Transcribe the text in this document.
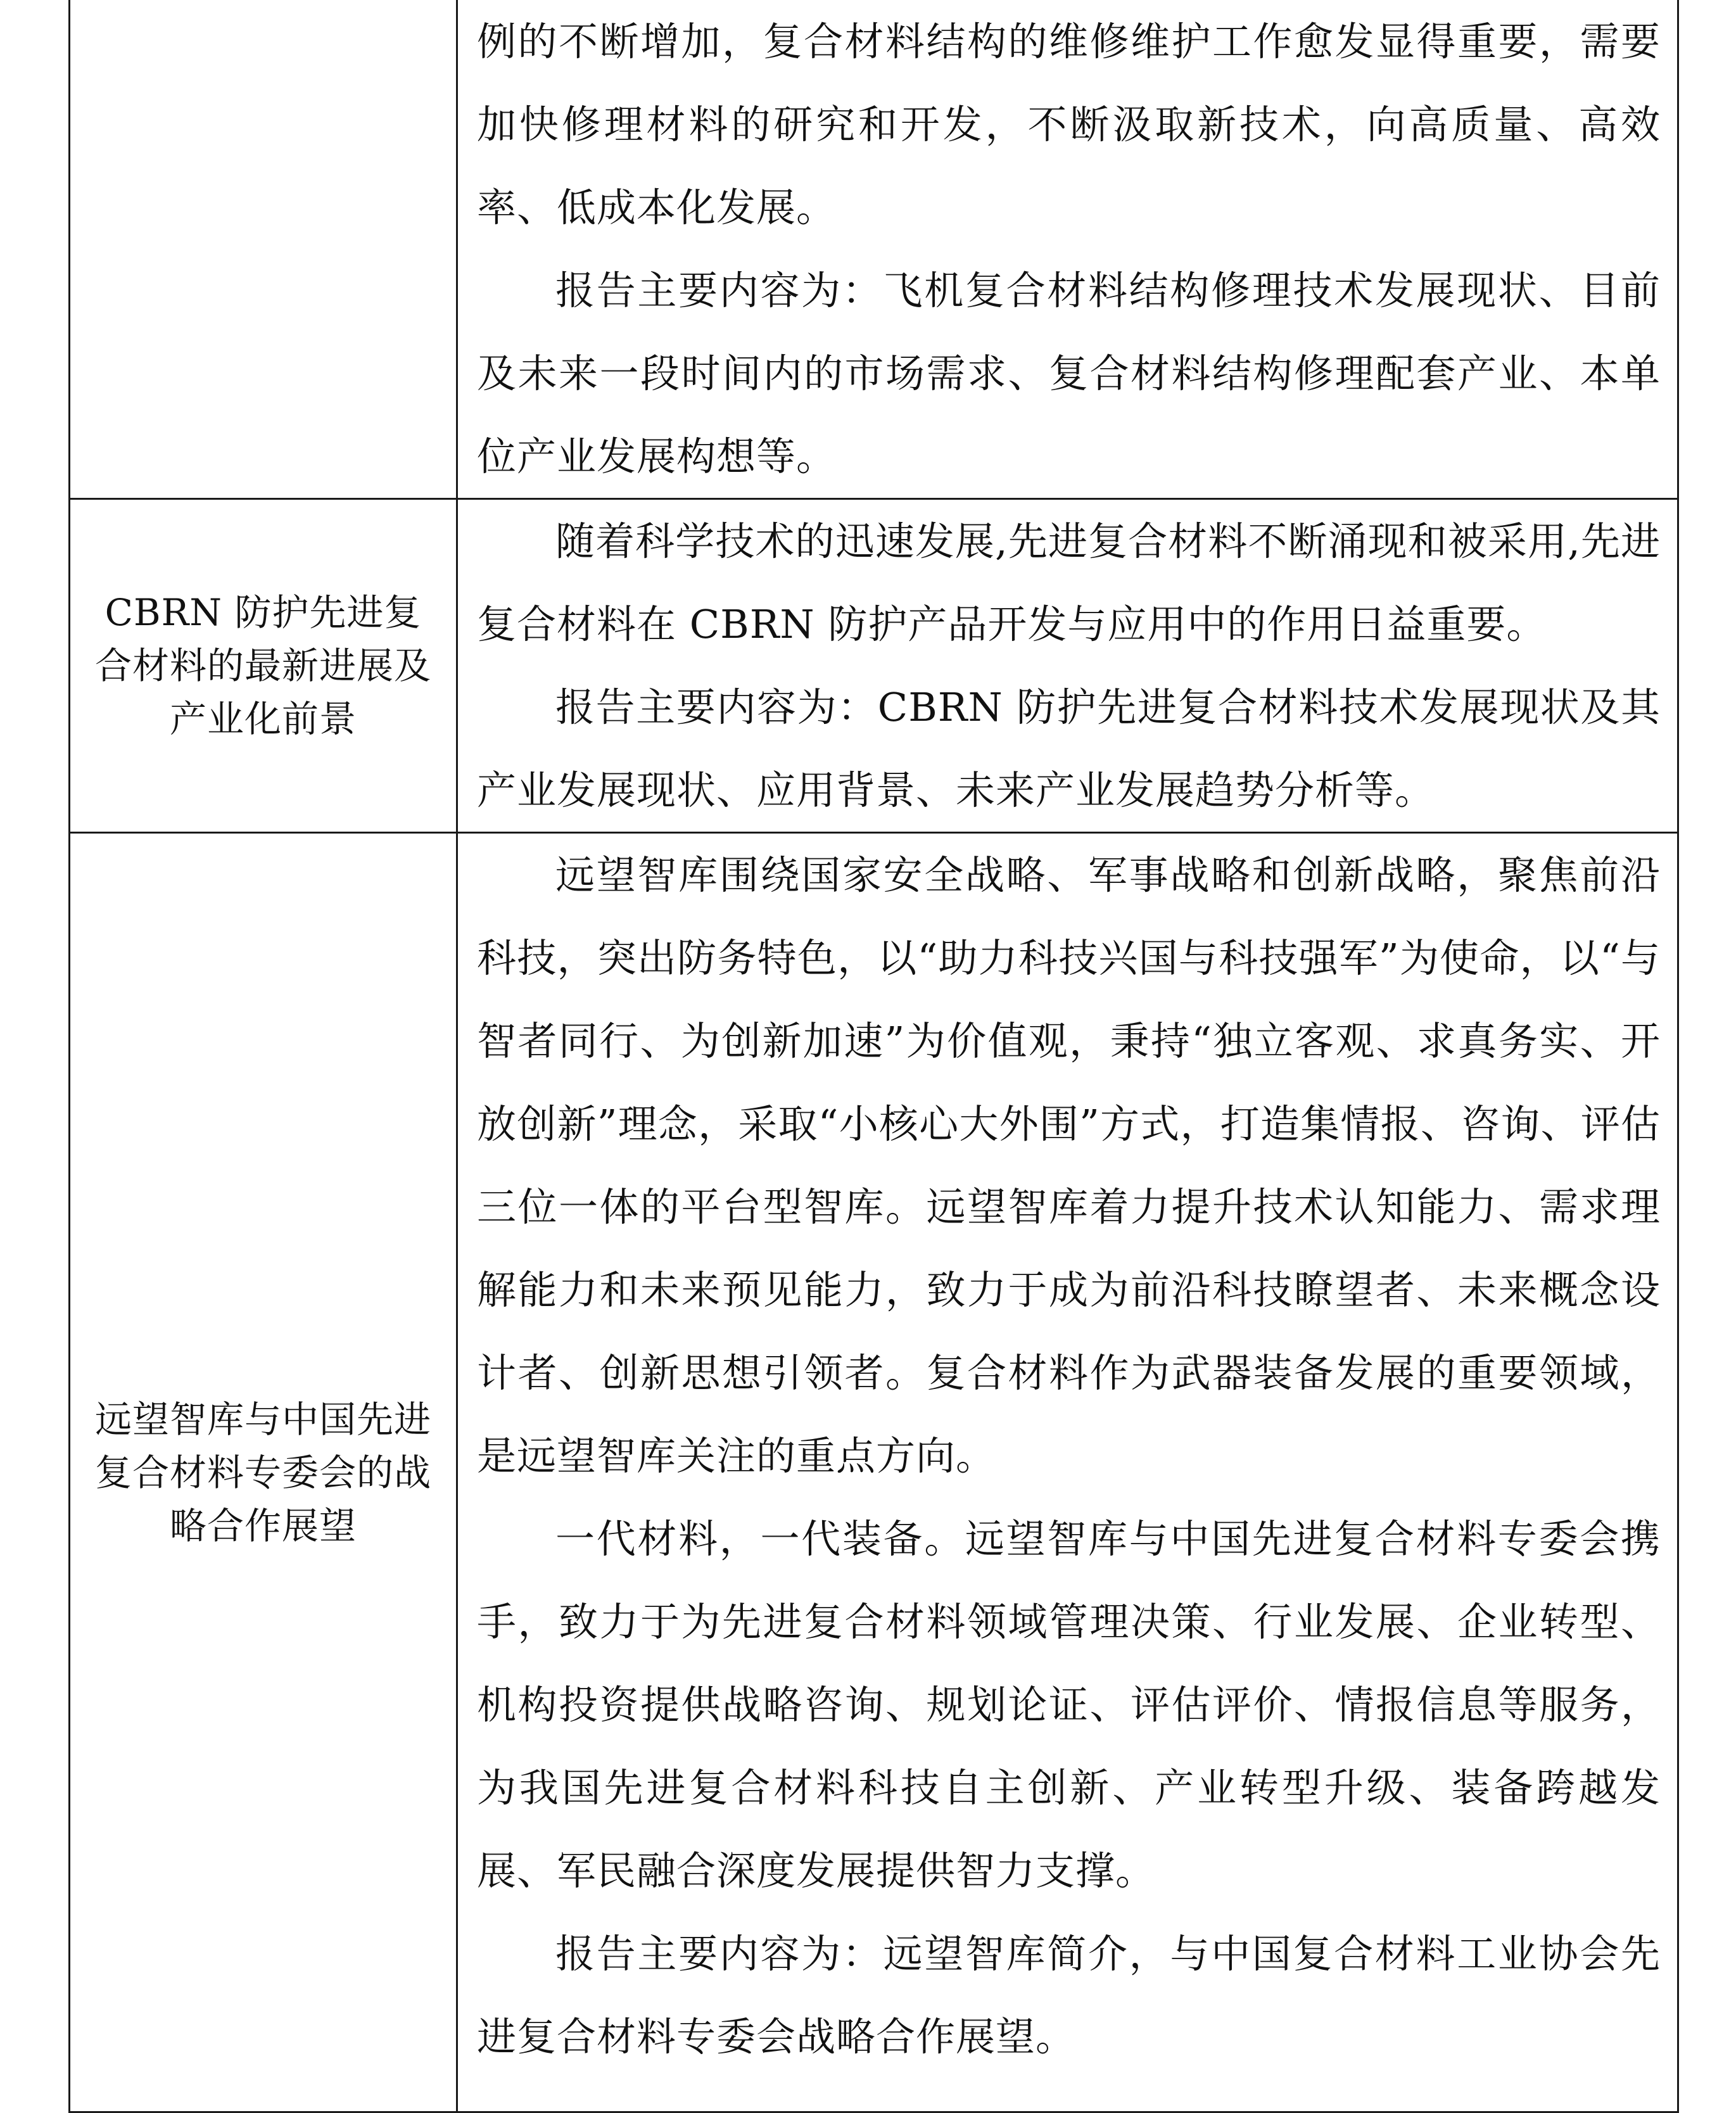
	例的不断增加，复合材料结构的维修维护工作愈发显得重要，需要加快修理材料的研究和开发，不断汲取新技术，向高质量、高效率、低成本化发展。

报告主要内容为：飞机复合材料结构修理技术发展现状、目前及未来一段时间内的市场需求、复合材料结构修理配套产业、本单位产业发展构想等。

CBRN 防护先进复合材料的最新进展及产业化前景	随着科学技术的迅速发展,先进复合材料不断涌现和被采用,先进复合材料在 CBRN 防护产品开发与应用中的作用日益重要。

报告主要内容为：CBRN 防护先进复合材料技术发展现状及其产业发展现状、应用背景、未来产业发展趋势分析等。

远望智库与中国先进复合材料专委会的战略合作展望	远望智库围绕国家安全战略、军事战略和创新战略，聚焦前沿科技，突出防务特色，以“助力科技兴国与科技强军”为使命，以“与智者同行、为创新加速”为价值观，秉持“独立客观、求真务实、开放创新”理念，采取“小核心大外围”方式，打造集情报、咨询、评估三位一体的平台型智库。远望智库着力提升技术认知能力、需求理解能力和未来预见能力，致力于成为前沿科技瞭望者、未来概念设计者、创新思想引领者。复合材料作为武器装备发展的重要领域，是远望智库关注的重点方向。

一代材料，一代装备。远望智库与中国先进复合材料专委会携手，致力于为先进复合材料领域管理决策、行业发展、企业转型、机构投资提供战略咨询、规划论证、评估评价、情报信息等服务，为我国先进复合材料科技自主创新、产业转型升级、装备跨越发展、军民融合深度发展提供智力支撑。

报告主要内容为：远望智库简介，与中国复合材料工业协会先进复合材料专委会战略合作展望。
